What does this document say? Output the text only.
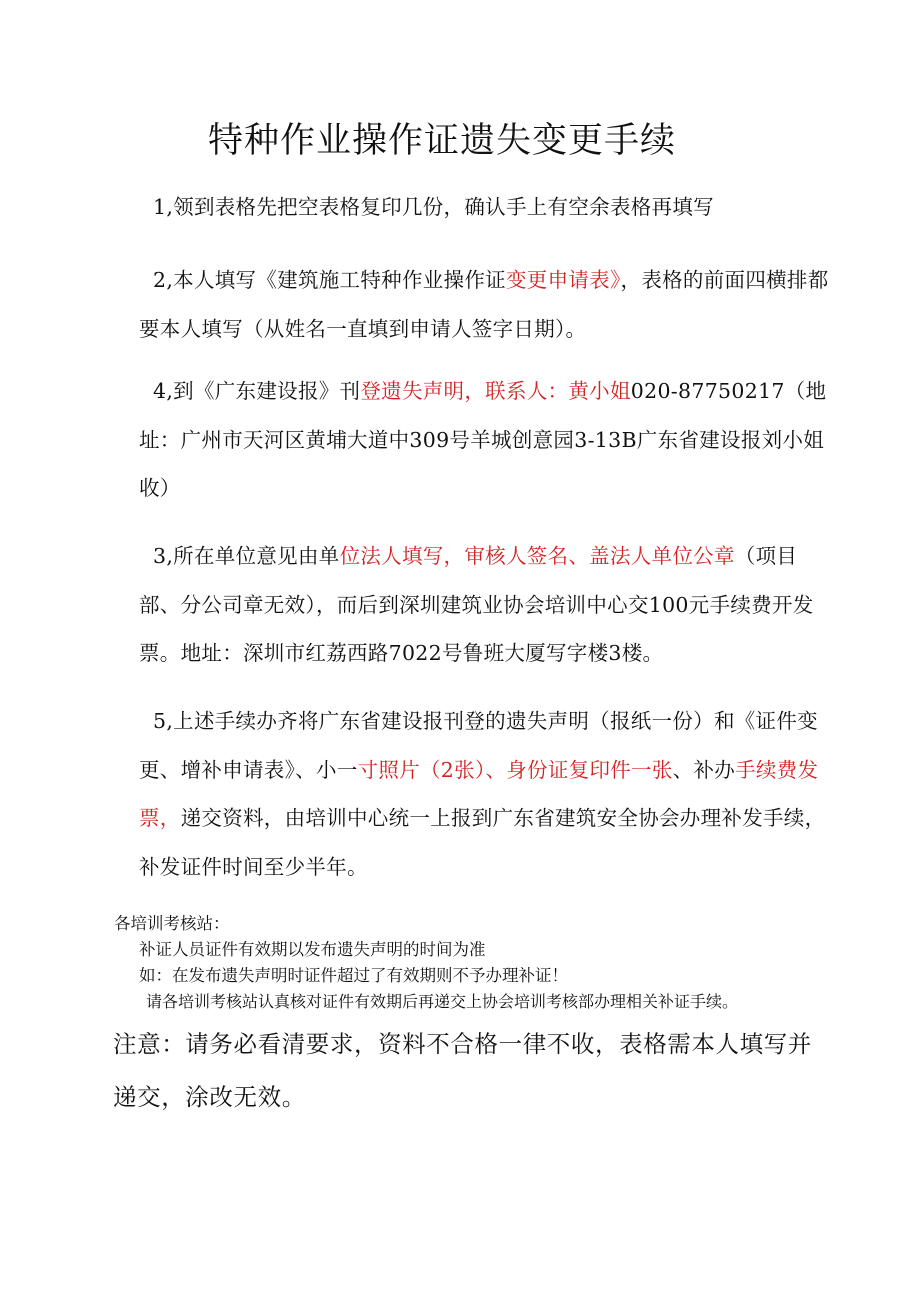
特种作业操作证遗失变更手续
1,领到表格先把空表格复印几份，确认手上有空余表格再填写
2,本人填写《建筑施工特种作业操作证变更申请表》，表格的前面四横排都要本人填写（从姓名一直填到申请人签字日期）。
4,到《广东建设报》刊登遗失声明，联系人：黄小姐020-87750217（地址：广州市天河区黄埔大道中309号羊城创意园3-13B广东省建设报刘小姐收）
3,所在单位意见由单位法人填写，审核人签名、盖法人单位公章（项目部、分公司章无效），而后到深圳建筑业协会培训中心交100元手续费开发票。地址：深圳市红荔西路7022号鲁班大厦写字楼3楼。
5,上述手续办齐将广东省建设报刊登的遗失声明（报纸一份）和《证件变更、增补申请表》、小一寸照片（2张）、身份证复印件一张、补办手续费发票，递交资料，由培训中心统一上报到广东省建筑安全协会办理补发手续，补发证件时间至少半年。
各培训考核站：
补证人员证件有效期以发布遗失声明的时间为准
如：在发布遗失声明时证件超过了有效期则不予办理补证！
请各培训考核站认真核对证件有效期后再递交上协会培训考核部办理相关补证手续。
注意：请务必看清要求，资料不合格一律不收，表格需本人填写并递交，涂改无效。
